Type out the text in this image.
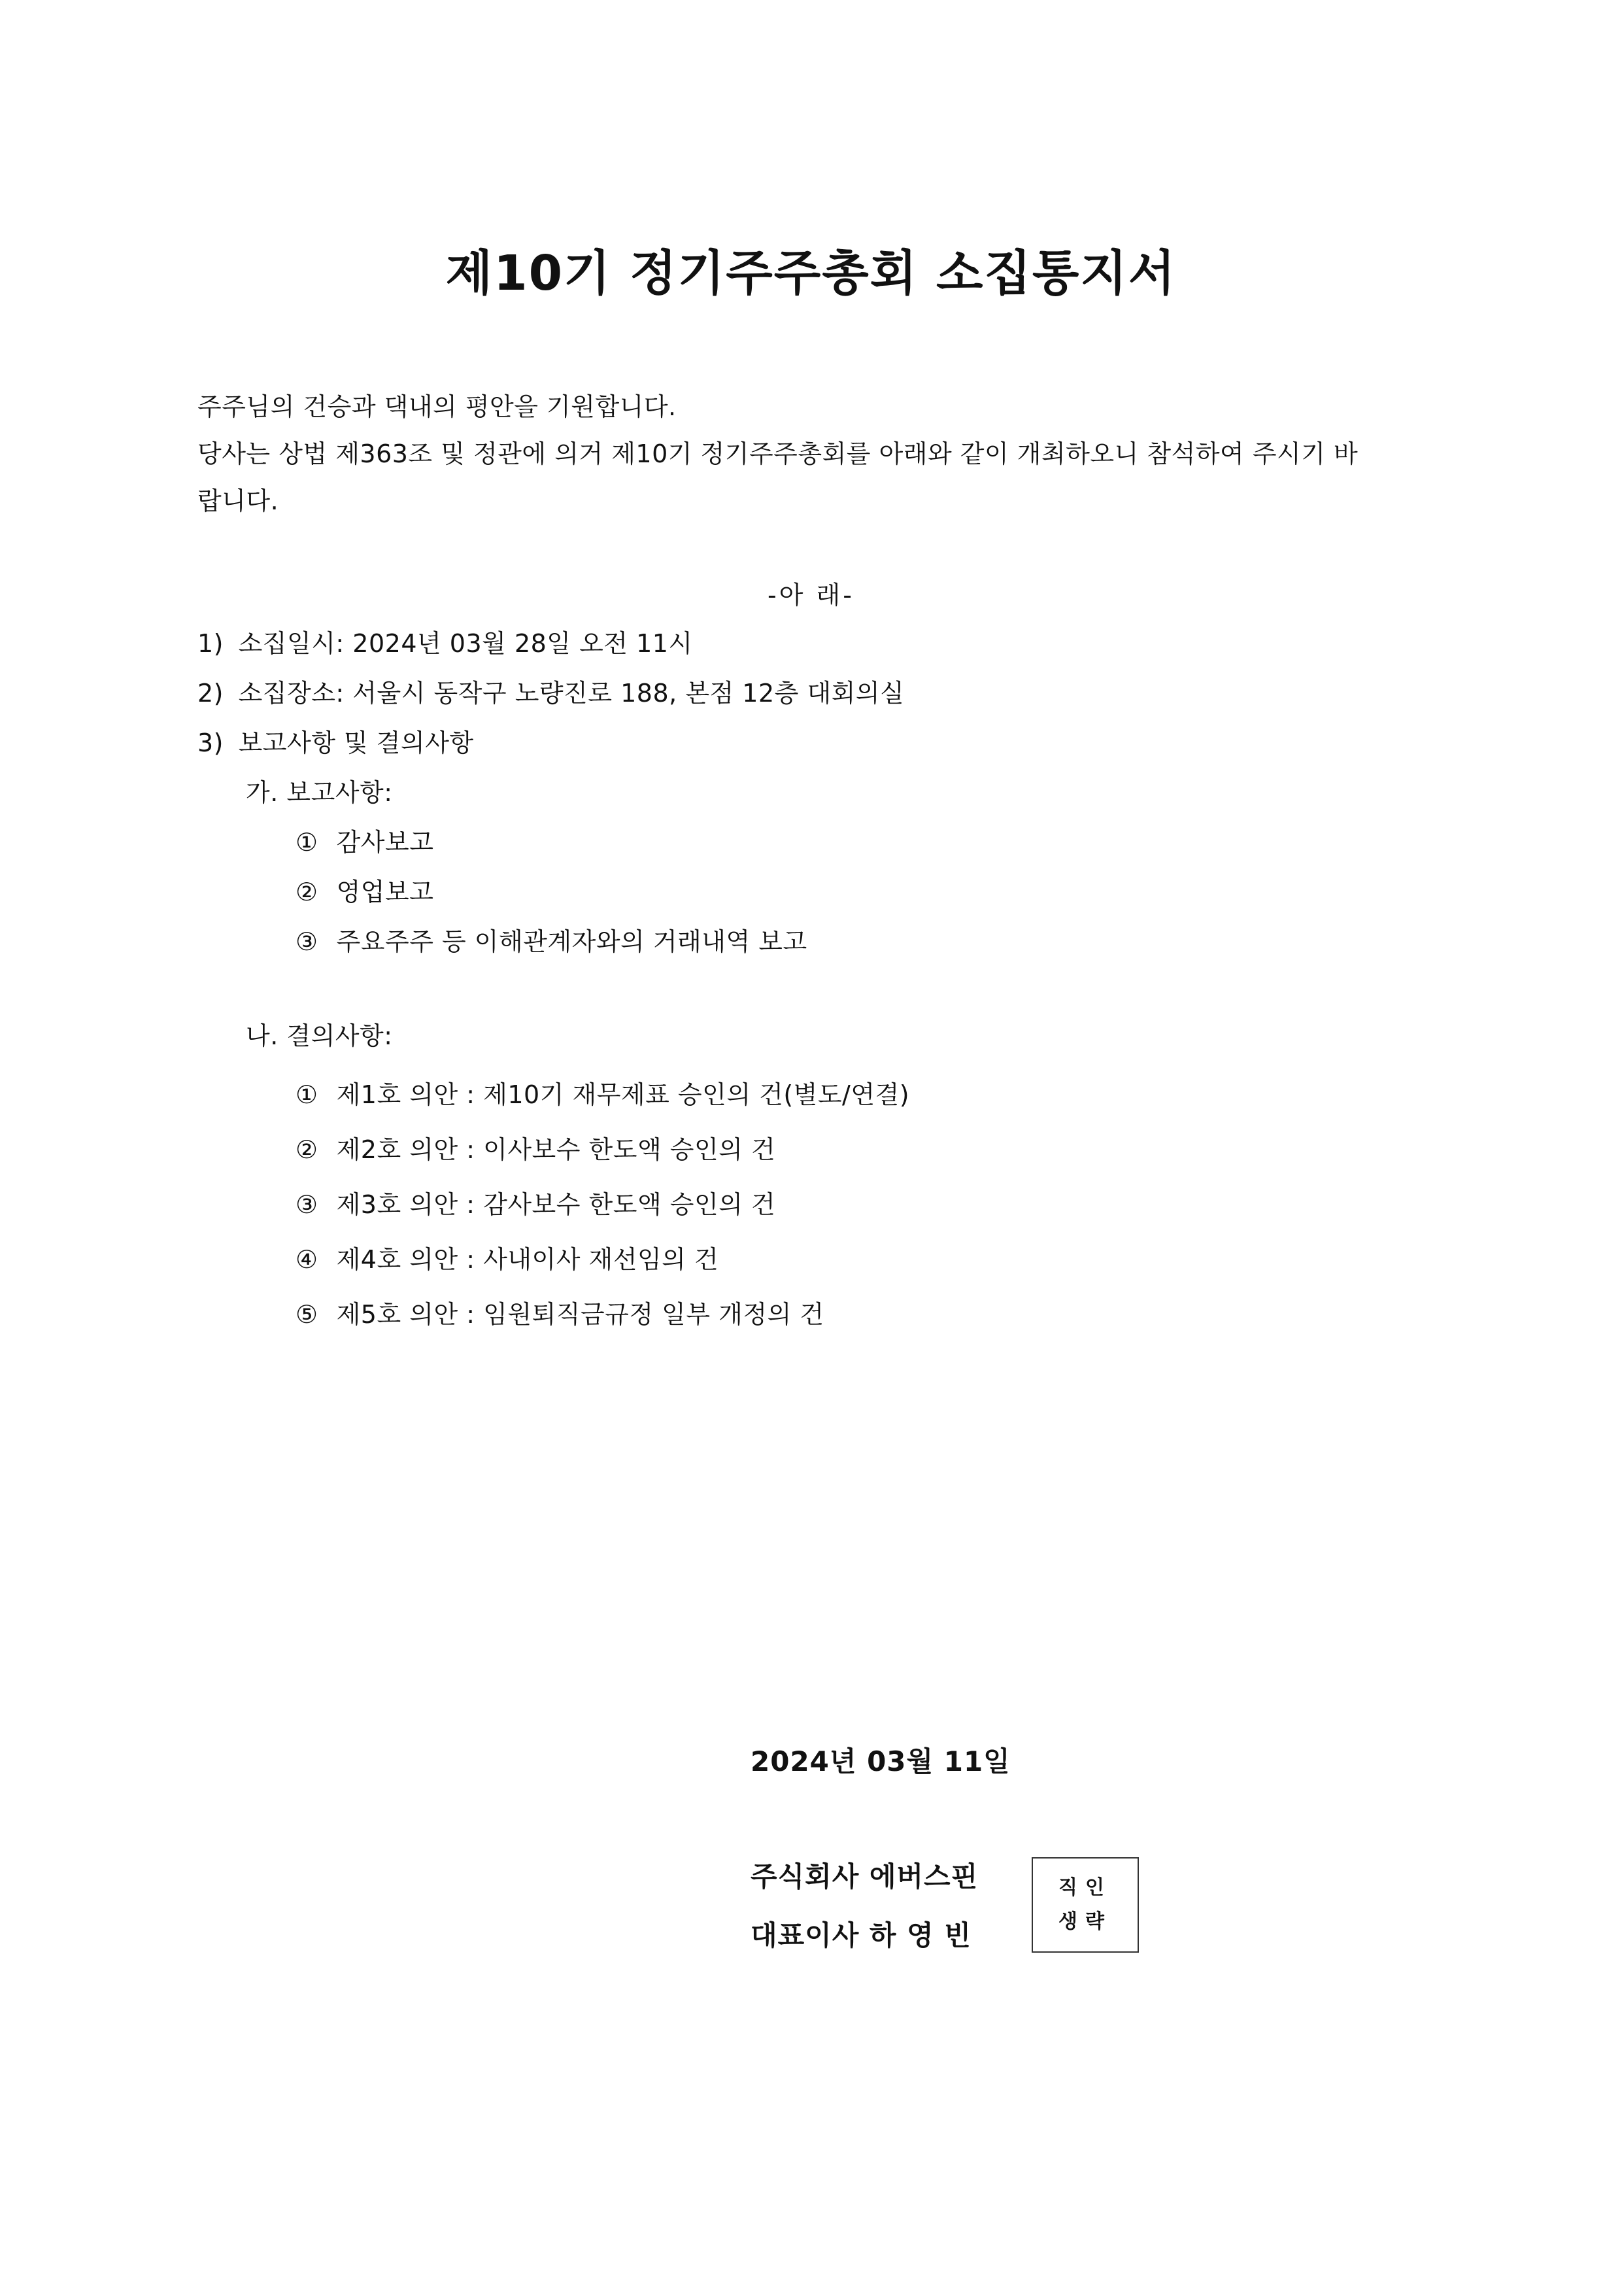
제10기 정기주주총회 소집통지서

주주님의 건승과 댁내의 평안을 기원합니다.

당사는 상법 제363조 및 정관에 의거 제10기 정기주주총회를 아래와 같이 개최하오니 참석하여 주시기 바

랍니다.

-아 래-
1) 소집일시: 2024년 03월 28일 오전 11시
2) 소집장소: 서울시 동작구 노량진로 188, 본점 12층 대회의실
3) 보고사항 및 결의사항
가. 보고사항:
① 감사보고
② 영업보고
③ 주요주주 등 이해관계자와의 거래내역 보고
나. 결의사항:
① 제1호 의안 : 제10기 재무제표 승인의 건(별도/연결)
② 제2호 의안 : 이사보수 한도액 승인의 건
③ 제3호 의안 : 감사보수 한도액 승인의 건
④ 제4호 의안 : 사내이사 재선임의 건
⑤ 제5호 의안 : 임원퇴직금규정 일부 개정의 건
2024년 03월 11일
주식회사 에버스핀
대표이사 하 영 빈
직인
생략
